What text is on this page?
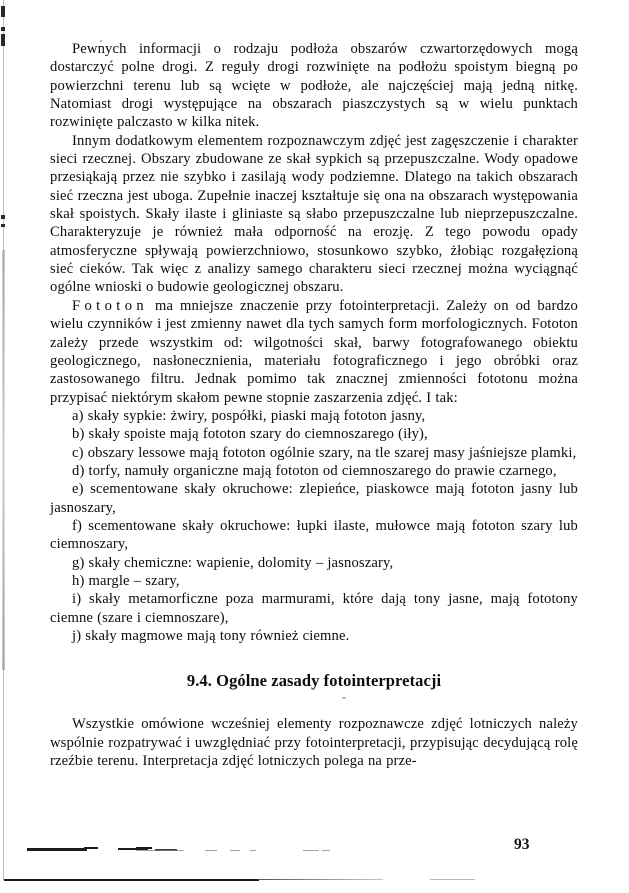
Pewnych informacji o rodzaju podłoża obszarów czwartorzędowych mogą dostarczyć polne drogi. Z reguły drogi rozwinięte na podłożu spoistym biegną po powierzchni terenu lub są wcięte w podłoże, ale najczęściej mają jedną nitkę. Natomiast drogi występujące na obszarach piaszczystych są w wielu punktach rozwinięte palczasto w kilka nitek.

Innym dodatkowym elementem rozpoznawczym zdjęć jest zagęszczenie i charakter sieci rzecznej. Obszary zbudowane ze skał sypkich są przepuszczalne. Wody opadowe przesiąkają przez nie szybko i zasilają wody podziemne. Dlatego na takich obszarach sieć rzeczna jest uboga. Zupełnie inaczej kształtuje się ona na obszarach występowania skał spoistych. Skały ilaste i gliniaste są słabo przepuszczalne lub nieprzepuszczalne. Charakteryzuje je również mała odporność na erozję. Z tego powodu opady atmosferyczne spływają powierzchniowo, stosunkowo szybko, żłobiąc rozgałęzioną sieć cieków. Tak więc z analizy samego charakteru sieci rzecznej można wyciągnąć ogólne wnioski o budowie geologicznej obszaru.

Fototon ma mniejsze znaczenie przy fotointerpretacji. Zależy on od bardzo wielu czynników i jest zmienny nawet dla tych samych form morfologicznych. Fototon zależy przede wszystkim od: wilgotności skał, barwy fotografowanego obiektu geologicznego, nasłonecznienia, materiału fotograficznego i jego obróbki oraz zastosowanego filtru. Jednak pomimo tak znacznej zmienności fototonu można przypisać niektórym skałom pewne stopnie zaszarzenia zdjęć. I tak:

a) skały sypkie: żwiry, pospółki, piaski mają fototon jasny,

b) skały spoiste mają fototon szary do ciemnoszarego (iły),

c) obszary lessowe mają fototon ogólnie szary, na tle szarej masy jaśniejsze plamki,

d) torfy, namuły organiczne mają fototon od ciemnoszarego do prawie czarnego,

e) scementowane skały okruchowe: zlepieńce, piaskowce mają fototon jasny lub jasnoszary,

f) scementowane skały okruchowe: łupki ilaste, mułowce mają fototon szary lub ciemnoszary,

g) skały chemiczne: wapienie, dolomity – jasnoszary,

h) margle – szary,

i) skały metamorficzne poza marmurami, które dają tony jasne, mają fototony ciemne (szare i ciemnoszare),

j) skały magmowe mają tony również ciemne.

9.4. Ogólne zasady fotointerpretacji

Wszystkie omówione wcześniej elementy rozpoznawcze zdjęć lotniczych należy wspólnie rozpatrywać i uwzględniać przy fotointerpretacji, przypisując decydującą rolę rzeźbie terenu. Interpretacja zdjęć lotniczych polega na prze-

93
